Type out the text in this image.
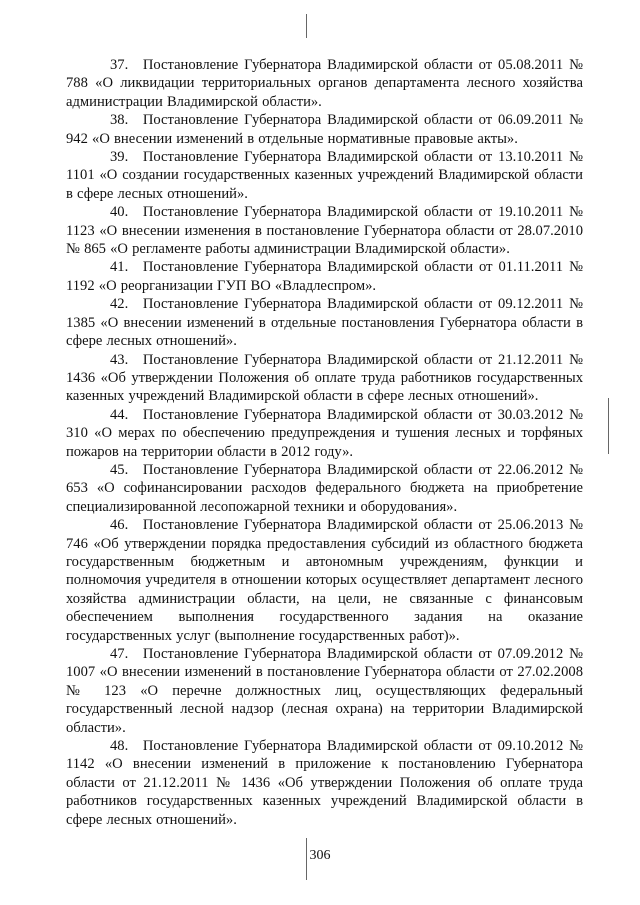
37. Постановление Губернатора Владимирской области от 05.08.2011 № 788 «О ликвидации территориальных органов департамента лесного хозяйства администрации Владимирской области».

38. Постановление Губернатора Владимирской области от 06.09.2011 № 942 «О внесении изменений в отдельные нормативные правовые акты».

39. Постановление Губернатора Владимирской области от 13.10.2011 № 1101 «О создании государственных казенных учреждений Владимирской области в сфере лесных отношений».

40. Постановление Губернатора Владимирской области от 19.10.2011 № 1123 «О внесении изменения в постановление Губернатора области от 28.07.2010 № 865 «О регламенте работы администрации Владимирской области».

41. Постановление Губернатора Владимирской области от 01.11.2011 № 1192 «О реорганизации ГУП ВО «Владлеспром».

42. Постановление Губернатора Владимирской области от 09.12.2011 № 1385 «О внесении изменений в отдельные постановления Губернатора области в сфере лесных отношений».

43. Постановление Губернатора Владимирской области от 21.12.2011 № 1436 «Об утверждении Положения об оплате труда работников государственных казенных учреждений Владимирской области в сфере лесных отношений».

44. Постановление Губернатора Владимирской области от 30.03.2012 № 310 «О мерах по обеспечению предупреждения и тушения лесных и торфяных пожаров на территории области в 2012 году».

45. Постановление Губернатора Владимирской области от 22.06.2012 № 653 «О софинансировании расходов федерального бюджета на приобретение специализированной лесопожарной техники и оборудования».

46. Постановление Губернатора Владимирской области от 25.06.2013 № 746 «Об утверждении порядка предоставления субсидий из областного бюджета государственным бюджетным и автономным учреждениям, функции и полномочия учредителя в отношении которых осуществляет департамент лесного хозяйства администрации области, на цели, не связанные с финансовым обеспечением выполнения государственного задания на оказание государственных услуг (выполнение государственных работ)».

47. Постановление Губернатора Владимирской области от 07.09.2012 № 1007 «О внесении изменений в постановление Губернатора области от 27.02.2008 № 123 «О перечне должностных лиц, осуществляющих федеральный государственный лесной надзор (лесная охрана) на территории Владимирской области».

48. Постановление Губернатора Владимирской области от 09.10.2012 № 1142 «О внесении изменений в приложение к постановлению Губернатора области от 21.12.2011 № 1436 «Об утверждении Положения об оплате труда работников государственных казенных учреждений Владимирской области в сфере лесных отношений».

306
